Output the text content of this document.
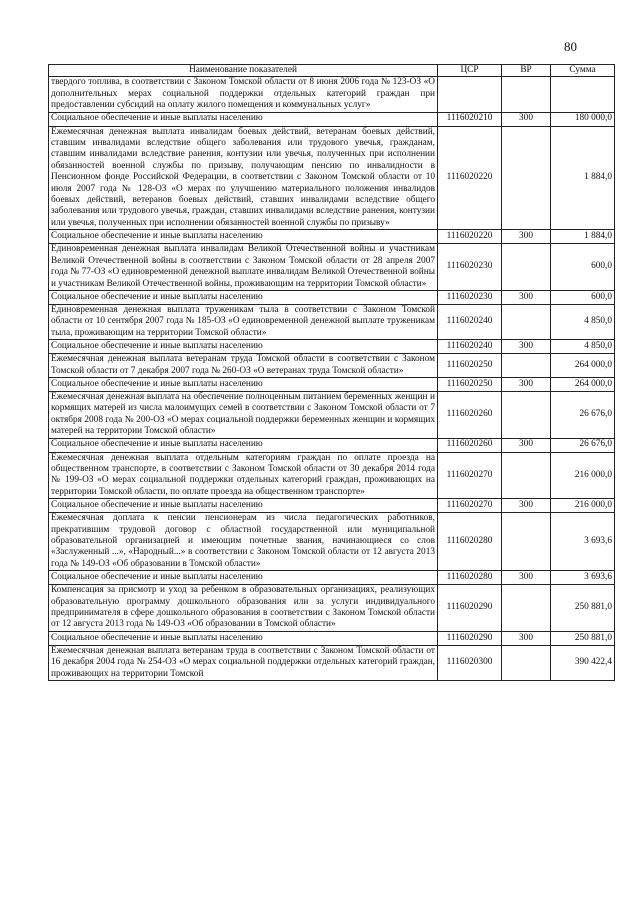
80
Наименование показателей	ЦСР	ВР	Сумма
твердого топлива, в соответствии с Законом Томской области от 8 июня 2006 года № 123-ОЗ «О дополнительных мерах социальной поддержки отдельных категорий граждан при предоставлении субсидий на оплату жилого помещения и коммунальных услуг»			
Социальное обеспечение и иные выплаты населению	1116020210	300	180 000,0
Ежемесячная денежная выплата инвалидам боевых действий, ветеранам боевых действий, ставшим инвалидами вследствие общего заболевания или трудового увечья, гражданам, ставшим инвалидами вследствие ранения, контузии или увечья, полученных при исполнении обязанностей военной службы по призыву, получающим пенсию по инвалидности в Пенсионном фонде Российской Федерации, в соответствии с Законом Томской области от 10 июля 2007 года № 128-ОЗ «О мерах по улучшению материального положения инвалидов боевых действий, ветеранов боевых действий, ставших инвалидами вследствие общего заболевания или трудового увечья, граждан, ставших инвалидами вследствие ранения, контузии или увечья, полученных при исполнении обязанностей военной службы по призыву»	1116020220		1 884,0
Социальное обеспечение и иные выплаты населению	1116020220	300	1 884,0
Единовременная денежная выплата инвалидам Великой Отечественной войны и участникам Великой Отечественной войны в соответствии с Законом Томской области от 28 апреля 2007 года № 77-ОЗ «О единовременной денежной выплате инвалидам Великой Отечественной войны и участникам Великой Отечественной войны, проживающим на территории Томской области»	1116020230		600,0
Социальное обеспечение и иные выплаты населению	1116020230	300	600,0
Единовременная денежная выплата труженикам тыла в соответствии с Законом Томской области от 10 сентября 2007 года № 185-ОЗ «О единовременной денежной выплате труженикам тыла, проживающим на территории Томской области»	1116020240		4 850,0
Социальное обеспечение и иные выплаты населению	1116020240	300	4 850,0
Ежемесячная денежная выплата ветеранам труда Томской области в соответствии с Законом Томской области от 7 декабря 2007 года № 260-ОЗ «О ветеранах труда Томской области»	1116020250		264 000,0
Социальное обеспечение и иные выплаты населению	1116020250	300	264 000,0
Ежемесячная денежная выплата на обеспечение полноценным питанием беременных женщин и кормящих матерей из числа малоимущих семей в соответствии с Законом Томской области от 7 октября 2008 года № 200-ОЗ «О мерах социальной поддержки беременных женщин и кормящих матерей на территории Томской области»	1116020260		26 676,0
Социальное обеспечение и иные выплаты населению	1116020260	300	26 676,0
Ежемесячная денежная выплата отдельным категориям граждан по оплате проезда на общественном транспорте, в соответствии с Законом Томской области от 30 декабря 2014 года № 199-ОЗ «О мерах социальной поддержки отдельных категорий граждан, проживающих на территории Томской области, по оплате проезда на общественном транспорте»	1116020270		216 000,0
Социальное обеспечение и иные выплаты населению	1116020270	300	216 000,0
Ежемесячная доплата к пенсии пенсионерам из числа педагогических работников, прекратившим трудовой договор с областной государственной или муниципальной образовательной организацией и имеющим почетные звания, начинающиеся со слов «Заслуженный ...», «Народный...» в соответствии с Законом Томской области от 12 августа 2013 года № 149-ОЗ «Об образовании в Томской области»	1116020280		3 693,6
Социальное обеспечение и иные выплаты населению	1116020280	300	3 693,6
Компенсация за присмотр и уход за ребенком в образовательных организациях, реализующих образовательную программу дошкольного образования или за услуги индивидуального предпринимателя в сфере дошкольного образования в соответствии с Законом Томской области от 12 августа 2013 года № 149-ОЗ «Об образовании в Томской области»	1116020290		250 881,0
Социальное обеспечение и иные выплаты населению	1116020290	300	250 881,0
Ежемесячная денежная выплата ветеранам труда в соответствии с Законом Томской области от 16 декабря 2004 года № 254-ОЗ «О мерах социальной поддержки отдельных категорий граждан, проживающих на территории Томской	1116020300		390 422,4
